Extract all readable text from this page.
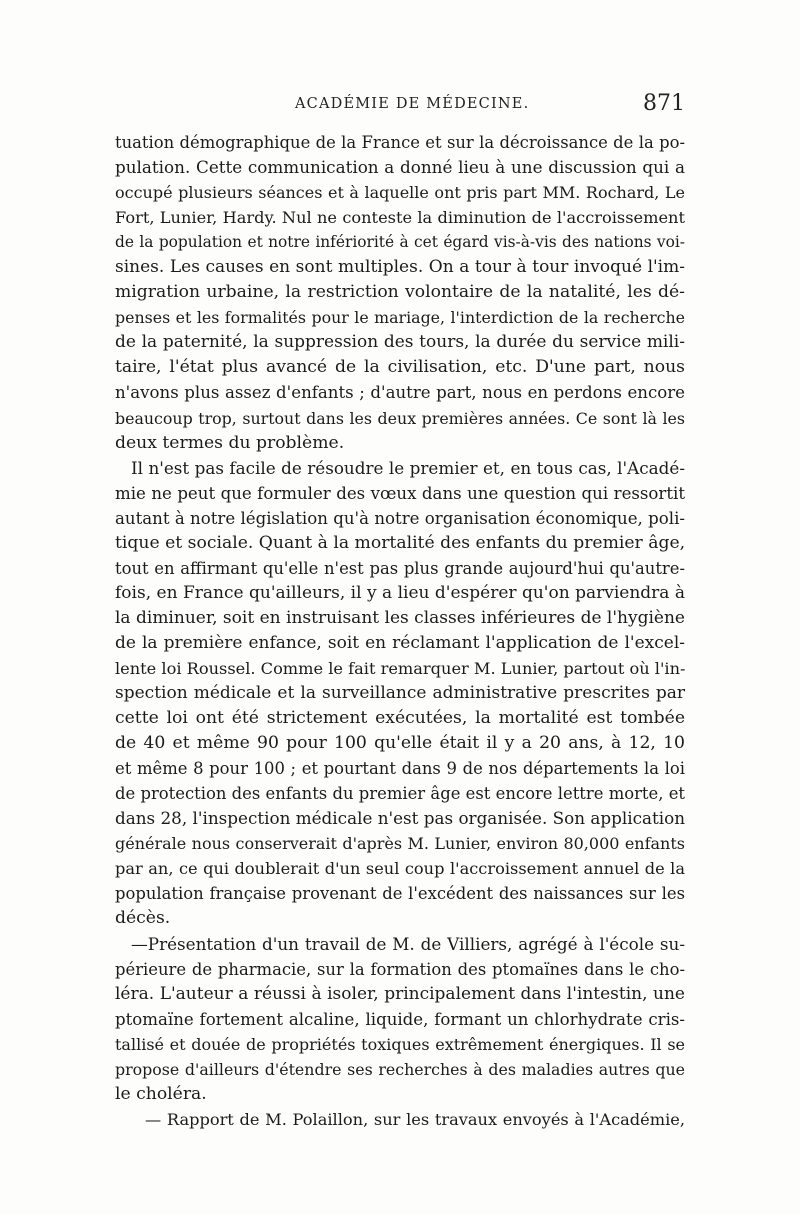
ACADÉMIE DE MÉDECINE.	871
tuation démographique de la France et sur la décroissance de la po-
pulation. Cette communication a donné lieu à une discussion qui a
occupé plusieurs séances et à laquelle ont pris part MM. Rochard, Le
Fort, Lunier, Hardy. Nul ne conteste la diminution de l'accroissement
de la population et notre infériorité à cet égard vis-à-vis des nations voi-
sines. Les causes en sont multiples. On a tour à tour invoqué l'im-
migration urbaine, la restriction volontaire de la natalité, les dé-
penses et les formalités pour le mariage, l'interdiction de la recherche
de la paternité, la suppression des tours, la durée du service mili-
taire, l'état plus avancé de la civilisation, etc. D'une part, nous
n'avons plus assez d'enfants ; d'autre part, nous en perdons encore
beaucoup trop, surtout dans les deux premières années. Ce sont là les
deux termes du problème.
Il n'est pas facile de résoudre le premier et, en tous cas, l'Acadé-
mie ne peut que formuler des vœux dans une question qui ressortit
autant à notre législation qu'à notre organisation économique, poli-
tique et sociale. Quant à la mortalité des enfants du premier âge,
tout en affirmant qu'elle n'est pas plus grande aujourd'hui qu'autre-
fois, en France qu'ailleurs, il y a lieu d'espérer qu'on parviendra à
la diminuer, soit en instruisant les classes inférieures de l'hygiène
de la première enfance, soit en réclamant l'application de l'excel-
lente loi Roussel. Comme le fait remarquer M. Lunier, partout où l'in-
spection médicale et la surveillance administrative prescrites par
cette loi ont été strictement exécutées, la mortalité est tombée
de 40 et même 90 pour 100 qu'elle était il y a 20 ans, à 12, 10
et même 8 pour 100 ; et pourtant dans 9 de nos départements la loi
de protection des enfants du premier âge est encore lettre morte, et
dans 28, l'inspection médicale n'est pas organisée. Son application
générale nous conserverait d'après M. Lunier, environ 80,000 enfants
par an, ce qui doublerait d'un seul coup l'accroissement annuel de la
population française provenant de l'excédent des naissances sur les
décès.
—Présentation d'un travail de M. de Villiers, agrégé à l'école su-
périeure de pharmacie, sur la formation des ptomaïnes dans le cho-
léra. L'auteur a réussi à isoler, principalement dans l'intestin, une
ptomaïne fortement alcaline, liquide, formant un chlorhydrate cris-
tallisé et douée de propriétés toxiques extrêmement énergiques. Il se
propose d'ailleurs d'étendre ses recherches à des maladies autres que
le choléra.
— Rapport de M. Polaillon, sur les travaux envoyés à l'Académie,
